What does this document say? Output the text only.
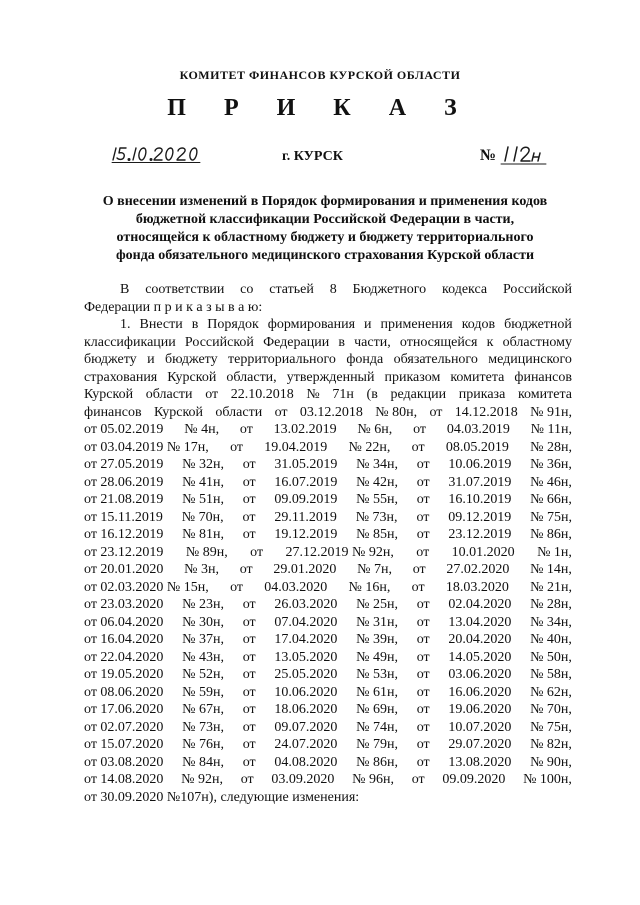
КОМИТЕТ ФИНАНСОВ КУРСКОЙ ОБЛАСТИ
П Р И К А З
г. КУРСК	№
О внесении изменений в Порядок формирования и применения кодов
бюджетной классификации Российской Федерации в части,
относящейся к областному бюджету и бюджету территориального
фонда обязательного медицинского страхования Курской области
В соответствии со статьей 8 Бюджетного кодекса Российской
Федерации п р и к а з ы в а ю:
1. Внести в Порядок формирования и применения кодов бюджетной
классификации Российской Федерации в части, относящейся к областному
бюджету и бюджету территориального фонда обязательного медицинского
страхования Курской области, утвержденный приказом комитета финансов
Курской области от 22.10.2018 № 71н (в редакции приказа комитета
финансов Курской области от 03.12.2018 № 80н, от 14.12.2018 № 91н,
от 05.02.2019 № 4н, от 13.02.2019 № 6н, от 04.03.2019 № 11н,
от 03.04.2019 № 17н, от 19.04.2019 № 22н, от 08.05.2019 № 28н,
от 27.05.2019 № 32н, от 31.05.2019 № 34н, от 10.06.2019 № 36н,
от 28.06.2019 № 41н, от 16.07.2019 № 42н, от 31.07.2019 № 46н,
от 21.08.2019 № 51н, от 09.09.2019 № 55н, от 16.10.2019 № 66н,
от 15.11.2019 № 70н, от 29.11.2019 № 73н, от 09.12.2019 № 75н,
от 16.12.2019 № 81н, от 19.12.2019 № 85н, от 23.12.2019 № 86н,
от 23.12.2019 № 89н, от 27.12.2019 № 92н, от 10.01.2020 № 1н,
от 20.01.2020 № 3н, от 29.01.2020 № 7н, от 27.02.2020 № 14н,
от 02.03.2020 № 15н, от 04.03.2020 № 16н, от 18.03.2020 № 21н,
от 23.03.2020 № 23н, от 26.03.2020 № 25н, от 02.04.2020 № 28н,
от 06.04.2020 № 30н, от 07.04.2020 № 31н, от 13.04.2020 № 34н,
от 16.04.2020 № 37н, от 17.04.2020 № 39н, от 20.04.2020 № 40н,
от 22.04.2020 № 43н, от 13.05.2020 № 49н, от 14.05.2020 № 50н,
от 19.05.2020 № 52н, от 25.05.2020 № 53н, от 03.06.2020 № 58н,
от 08.06.2020 № 59н, от 10.06.2020 № 61н, от 16.06.2020 № 62н,
от 17.06.2020 № 67н, от 18.06.2020 № 69н, от 19.06.2020 № 70н,
от 02.07.2020 № 73н, от 09.07.2020 № 74н, от 10.07.2020 № 75н,
от 15.07.2020 № 76н, от 24.07.2020 № 79н, от 29.07.2020 № 82н,
от 03.08.2020 № 84н, от 04.08.2020 № 86н, от 13.08.2020 № 90н,
от 14.08.2020 № 92н, от 03.09.2020 № 96н, от 09.09.2020 № 100н,
от 30.09.2020 №107н), следующие изменения:
